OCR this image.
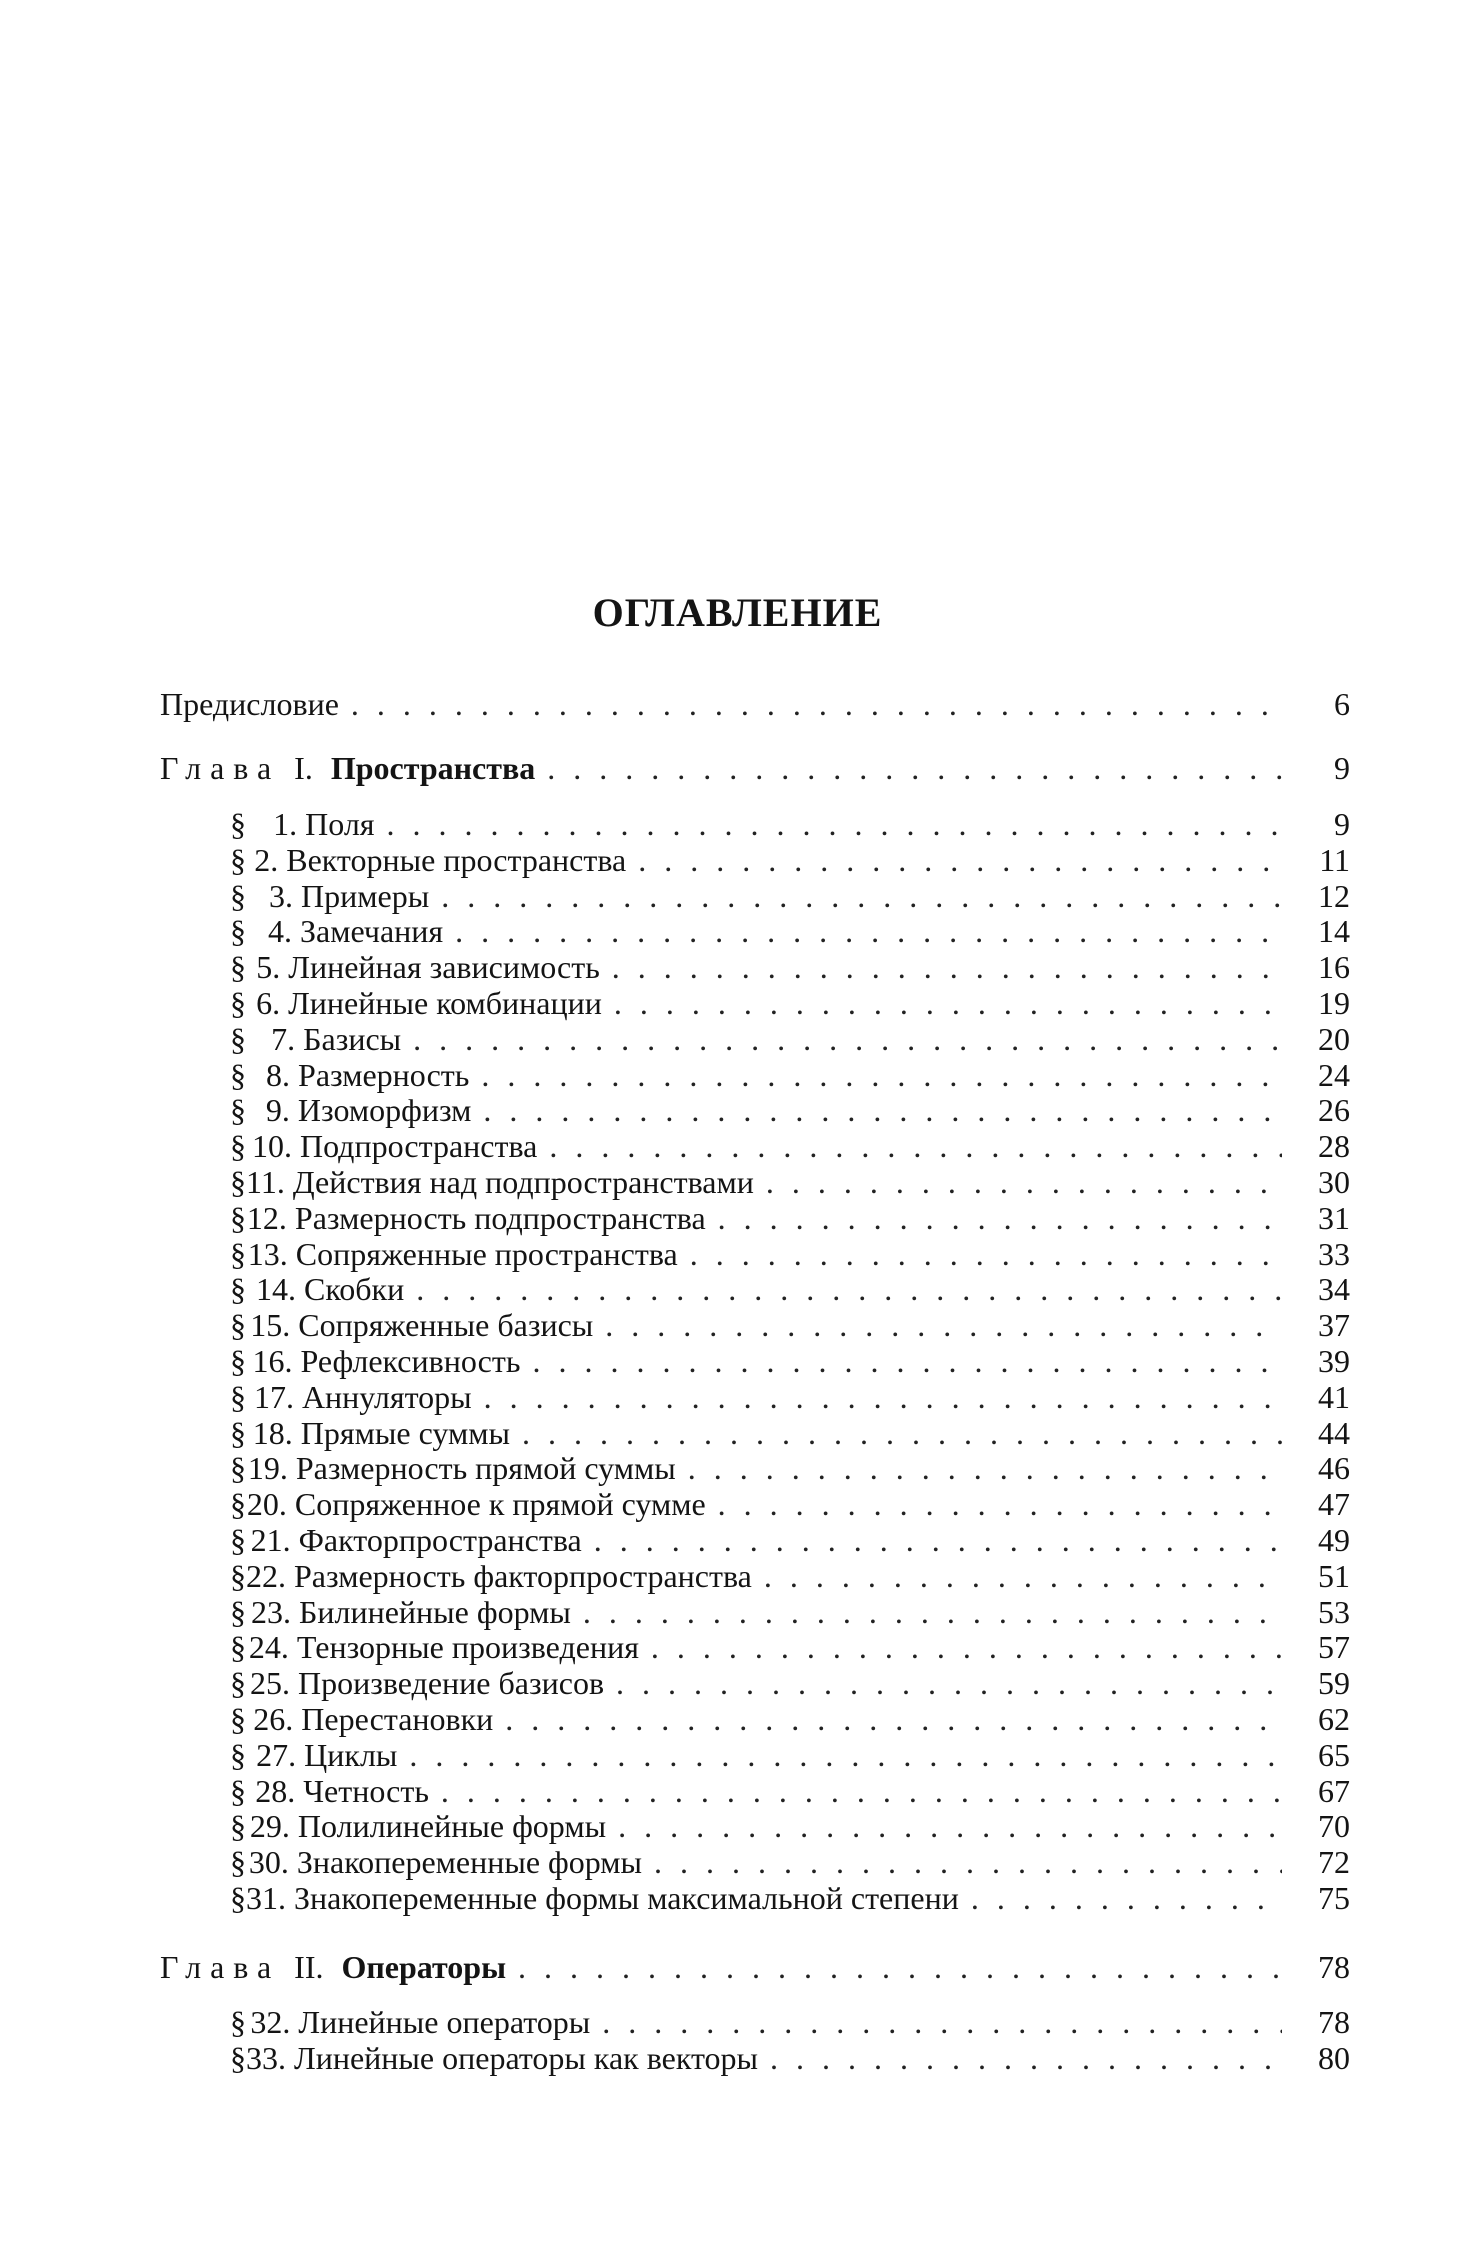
ОГЛАВЛЕНИЕ
Предисловие . . .	6
Глава I. Пространства . . .	9
§ 1. Поля . . .	9
§ 2. Векторные пространства . . .	11
§ 3. Примеры . . .	12
§ 4. Замечания . . .	14
§ 5. Линейная зависимость . . .	16
§ 6. Линейные комбинации . . .	19
§ 7. Базисы . . .	20
§ 8. Размерность . . .	24
§ 9. Изоморфизм . . .	26
§ 10. Подпространства . . .	28
§ 11. Действия над подпространствами . . .	30
§ 12. Размерность подпространства . . .	31
§ 13. Сопряженные пространства . . .	33
§ 14. Скобки . . .	34
§ 15. Сопряженные базисы . . .	37
§ 16. Рефлексивность . . .	39
§ 17. Аннуляторы . . .	41
§ 18. Прямые суммы . . .	44
§ 19. Размерность прямой суммы . . .	46
§ 20. Сопряженное к прямой сумме . . .	47
§ 21. Факторпространства . . .	49
§ 22. Размерность факторпространства . . .	51
§ 23. Билинейные формы . . .	53
§ 24. Тензорные произведения . . .	57
§ 25. Произведение базисов . . .	59
§ 26. Перестановки . . .	62
§ 27. Циклы . . .	65
§ 28. Четность . . .	67
§ 29. Полилинейные формы . . .	70
§ 30. Знакопеременные формы . . .	72
§ 31. Знакопеременные формы максимальной степени . . .	75
Глава II. Операторы . . .	78
§ 32. Линейные операторы . . .	78
§ 33. Линейные операторы как векторы . . .	80
